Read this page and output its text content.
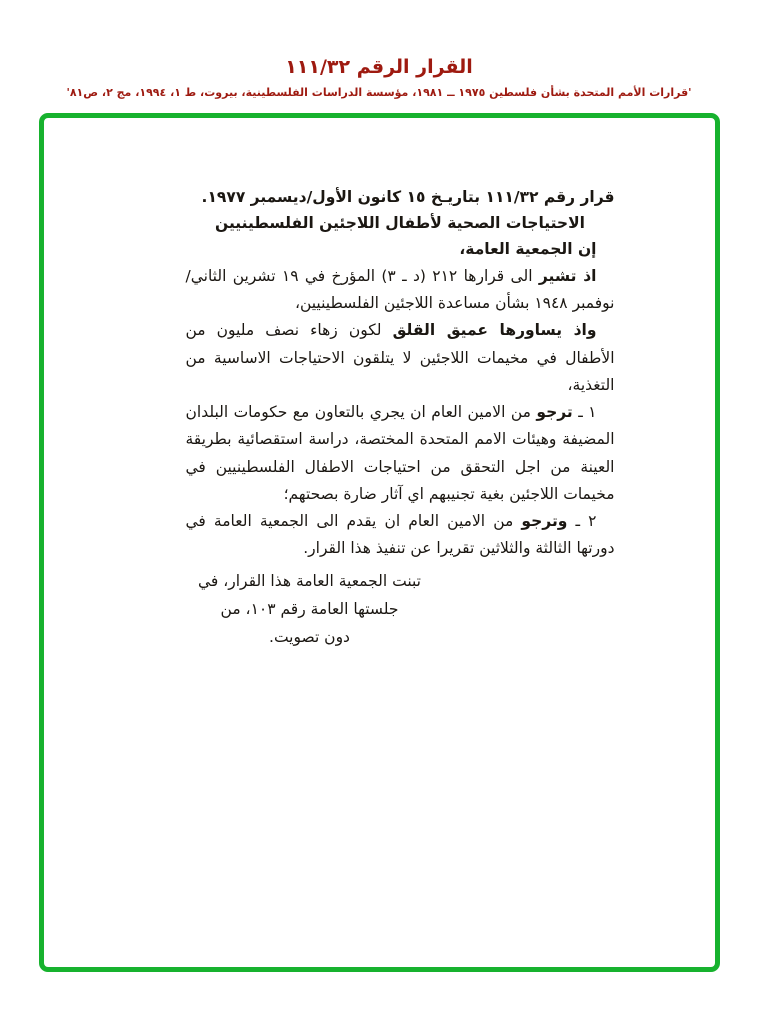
القرار الرقم ١١١/٣٢
'قرارات الأمم المتحدة بشأن فلسطين ١٩٧٥ ــ ١٩٨١، مؤسسة الدراسات الفلسطينية، بيروت، ط ١، ١٩٩٤، مج ٢، ص٨١'

قرار رقم ١١١/٣٢ بتاريـخ ١٥ كانون الأول/ديسمبر ١٩٧٧.

الاحتياجات الصحية لأطفال اللاجئين الفلسطينيين

إن الجمعية العامة،

اذ تشير الى قرارها ٢١٢ (د ـ ٣) المؤرخ في ١٩ تشرين الثاني/نوفمبر ١٩٤٨ بشأن مساعدة اللاجئين الفلسطينيين،

واذ يساورها عميق القلق لكون زهاء نصف مليون من الأطفال في مخيمات اللاجئين لا يتلقون الاحتياجات الاساسية من التغذية،

١ ـ ترجو من الامين العام ان يجري بالتعاون مع حكومات البلدان المضيفة وهيئات الامم المتحدة المختصة، دراسة استقصائية بطريقة العينة من اجل التحقق من احتياجات الاطفال الفلسطينيين في مخيمات اللاجئين بغية تجنيبهم اي آثار ضارة بصحتهم؛

٢ ـ وترجو من الامين العام ان يقدم الى الجمعية العامة في دورتها الثالثة والثلاثين تقريرا عن تنفيذ هذا القرار.

تبنت الجمعية العامة هذا القرار، في
جلستها العامة رقم ١٠٣، من
دون تصويت.
